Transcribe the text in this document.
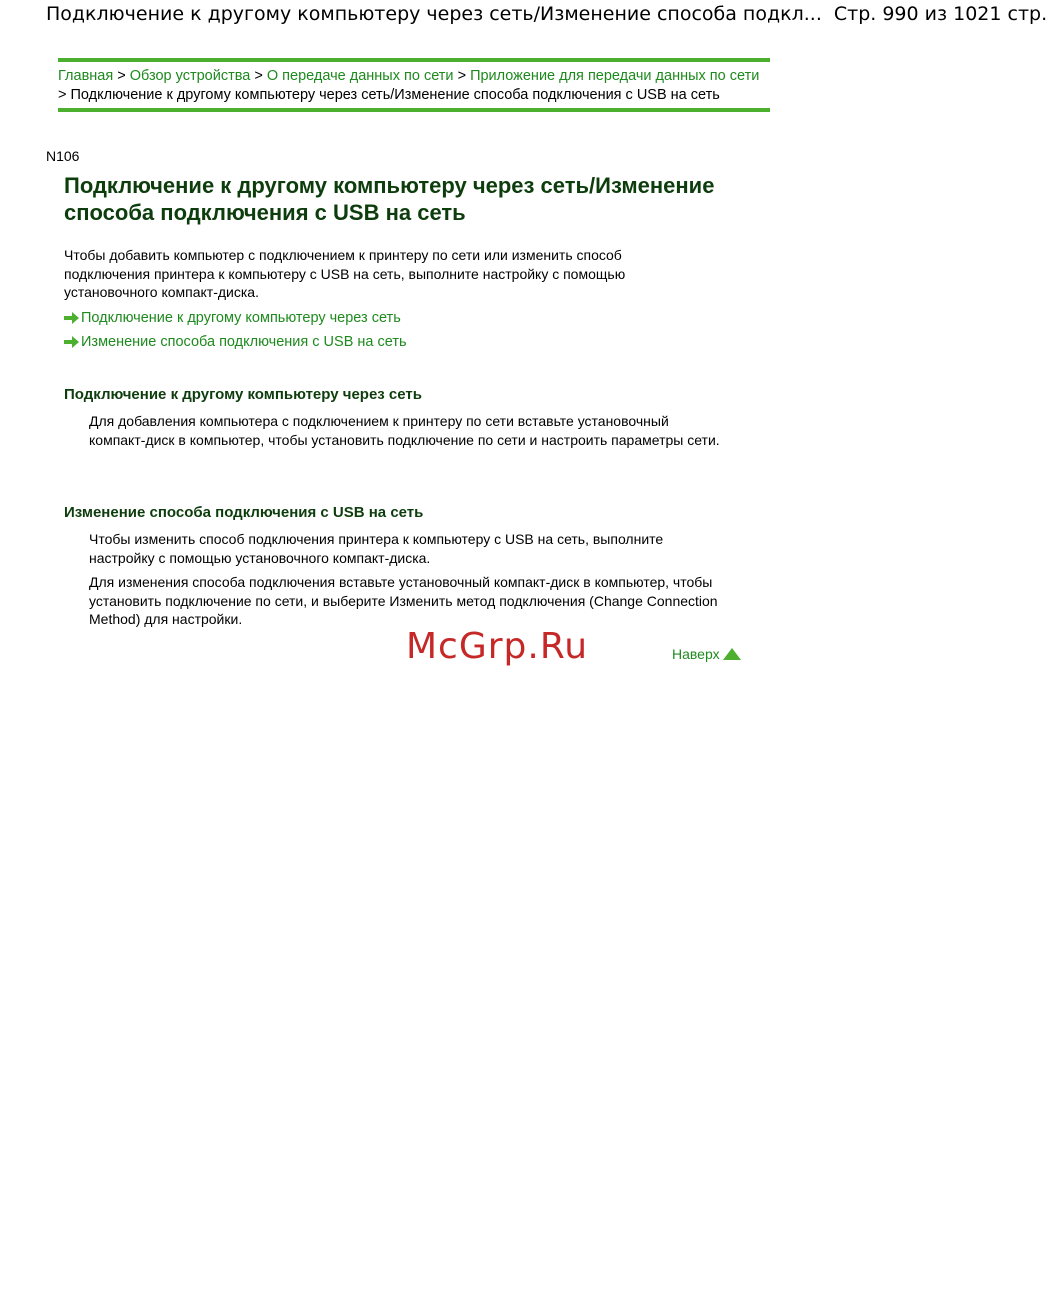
Подключение к другому компьютеру через сеть/Изменение способа подкл... Стр. 990 из 1021 стр.
Главная > Обзор устройства > О передаче данных по сети > Приложение для передачи данных по сети > Подключение к другому компьютеру через сеть/Изменение способа подключения с USB на сеть
N106
Подключение к другому компьютеру через сеть/Изменение способа подключения с USB на сеть

Чтобы добавить компьютер с подключением к принтеру по сети или изменить способ подключения принтера к компьютеру с USB на сеть, выполните настройку с помощью установочного компакт-диска.

Подключение к другому компьютеру через сеть
Изменение способа подключения с USB на сеть
Подключение к другому компьютеру через сеть

Для добавления компьютера с подключением к принтеру по сети вставьте установочный компакт-диск в компьютер, чтобы установить подключение по сети и настроить параметры сети.

Изменение способа подключения с USB на сеть

Чтобы изменить способ подключения принтера к компьютеру с USB на сеть, выполните настройку с помощью установочного компакт-диска.

Для изменения способа подключения вставьте установочный компакт-диск в компьютер, чтобы установить подключение по сети, и выберите Изменить метод подключения (Change Connection Method) для настройки.

McGrp.Ru	Наверх
